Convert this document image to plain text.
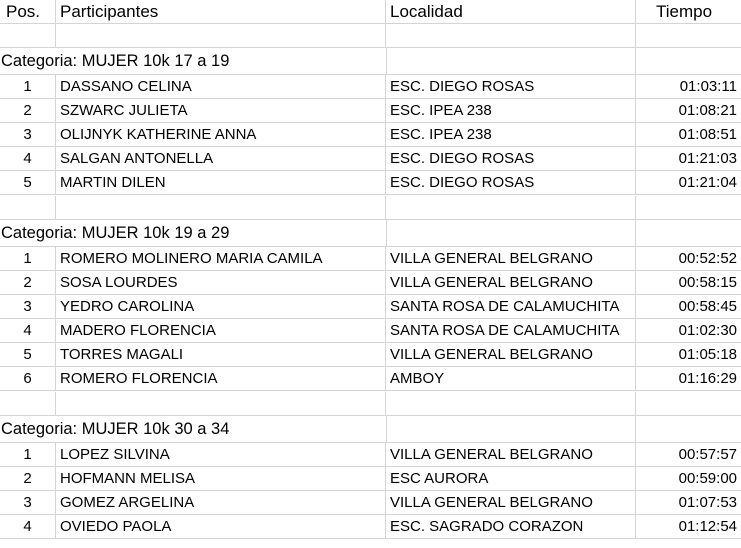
Pos.	Participantes	Localidad	Tiempo
Categoria: MUJER 10k 17 a 19
1	DASSANO CELINA	ESC. DIEGO ROSAS	01:03:11
2	SZWARC JULIETA	ESC. IPEA 238	01:08:21
3	OLIJNYK KATHERINE ANNA	ESC. IPEA 238	01:08:51
4	SALGAN ANTONELLA	ESC. DIEGO ROSAS	01:21:03
5	MARTIN DILEN	ESC. DIEGO ROSAS	01:21:04
Categoria: MUJER 10k 19 a 29
1	ROMERO MOLINERO MARIA CAMILA	VILLA GENERAL BELGRANO	00:52:52
2	SOSA LOURDES	VILLA GENERAL BELGRANO	00:58:15
3	YEDRO CAROLINA	SANTA ROSA DE CALAMUCHITA	00:58:45
4	MADERO FLORENCIA	SANTA ROSA DE CALAMUCHITA	01:02:30
5	TORRES MAGALI	VILLA GENERAL BELGRANO	01:05:18
6	ROMERO FLORENCIA	AMBOY	01:16:29
Categoria: MUJER 10k 30 a 34
1	LOPEZ SILVINA	VILLA GENERAL BELGRANO	00:57:57
2	HOFMANN MELISA	ESC AURORA	00:59:00
3	GOMEZ ARGELINA	VILLA GENERAL BELGRANO	01:07:53
4	OVIEDO PAOLA	ESC. SAGRADO CORAZON	01:12:54
